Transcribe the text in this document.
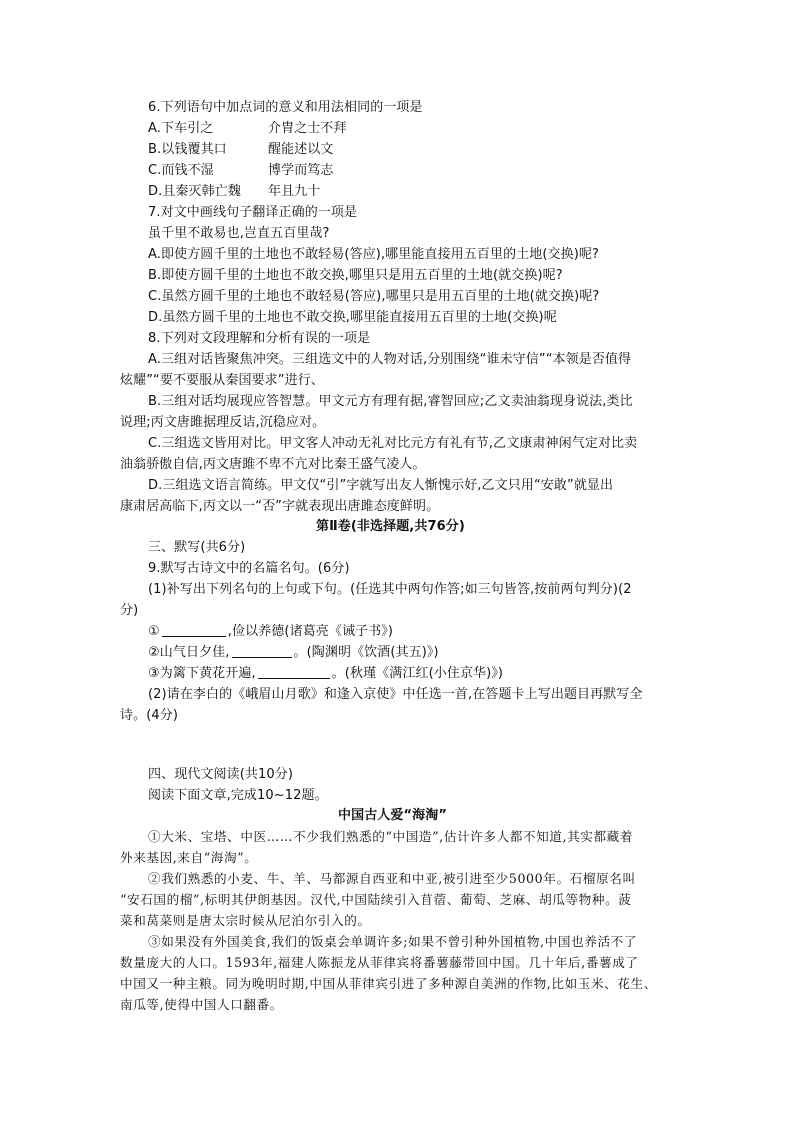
6.下列语句中加点词的意义和用法相同的一项是
A.下车引之	介胄之士不拜
B.以钱覆其口	醒能述以文
C.而钱不湿	博学而笃志
D.且秦灭韩亡魏 年且九十
7.对文中画线句子翻译正确的一项是
虽千里不敢易也,岂直五百里哉?
A.即使方圆千里的土地也不敢轻易(答应),哪里能直接用五百里的土地(交换)呢?
B.即使方圆千里的土地也不敢交换,哪里只是用五百里的土地(就交换)呢?
C.虽然方圆千里的土地也不敢轻易(答应),哪里只是用五百里的土地(就交换)呢?
D.虽然方圆千里的土地也不敢交换,哪里能直接用五百里的土地(交换)呢
8.下列对文段理解和分析有误的一项是
A.三组对话皆聚焦冲突。三组选文中的人物对话,分别围绕“谁未守信”“本领是否值得
炫耀”“要不要服从秦国要求”进行、
B.三组对话均展现应答智慧。甲文元方有理有据,睿智回应;乙文卖油翁现身说法,类比
说理;丙文唐雎据理反诘,沉稳应对。
C.三组选文皆用对比。甲文客人冲动无礼对比元方有礼有节,乙文康肃神闲气定对比卖
油翁骄傲自信,丙文唐雎不卑不亢对比秦王盛气凌人。
D.三组选文语言简练。甲文仅“引”字就写出友人惭愧示好,乙文只用“安敢”就显出
康肃居高临下,丙文以一“否”字就表现出唐雎态度鲜明。
第Ⅱ卷(非选择题,共76分)
三、默写(共6分)
9.默写古诗文中的名篇名句。(6分)
(1)补写出下列名句的上句或下句。(任选其中两句作答;如三句皆答,按前两句判分)(2
分)
①	,俭以养德(诸葛亮《诫子书》)
②山气日夕佳,	。(陶渊明《饮酒(其五)》)
③为篱下黄花开遍,	。(秋瑾《满江红(小住京华)》)
(2)请在李白的《峨眉山月歌》和逢入京使》中任选一首,在答题卡上写出题目再默写全
诗。(4分)
四、现代文阅读(共10分)
阅读下面文章,完成10~12题。
中国古人爱“海淘”
①大米、宝塔、中医……不少我们熟悉的“中国造”,估计许多人都不知道,其实都藏着
外来基因,来自“海淘”。
②我们熟悉的小麦、牛、羊、马都源自西亚和中亚,被引进至少5000年。石榴原名叫
“安石国的榴”,标明其伊朗基因。汉代,中国陆续引入苜蓿、葡萄、芝麻、胡瓜等物种。菠
菜和莴菜则是唐太宗时候从尼泊尔引入的。
③如果没有外国美食,我们的饭桌会单调许多;如果不曾引种外国植物,中国也养活不了
数量庞大的人口。1593年,福建人陈振龙从菲律宾将番薯藤带回中国。几十年后,番薯成了
中国又一种主粮。同为晚明时期,中国从菲律宾引进了多种源自美洲的作物,比如玉米、花生、
南瓜等,使得中国人口翻番。
